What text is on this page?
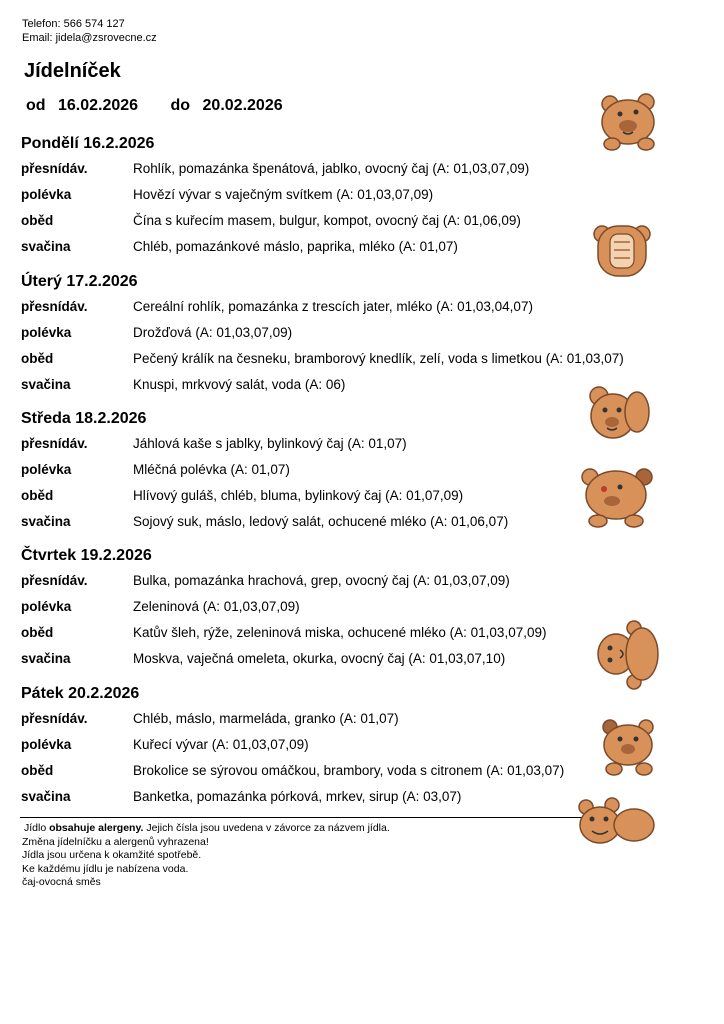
Telefon: 566 574 127
Email: jidela@zsrovecne.cz
Jídelníček
od 16.02.2026 do 20.02.2026
Pondělí 16.2.2026
přesnídáv.	Rohlík, pomazánka špenátová, jablko, ovocný čaj (A: 01,03,07,09)
polévka	Hovězí vývar s vaječným svítkem (A: 01,03,07,09)
oběd	Čína s kuřecím masem, bulgur, kompot, ovocný čaj (A: 01,06,09)
svačina	Chléb, pomazánkové máslo, paprika, mléko (A: 01,07)
Úterý 17.2.2026
přesnídáv.	Cereální rohlík, pomazánka z trescích jater, mléko (A: 01,03,04,07)
polévka	Drožďová (A: 01,03,07,09)
oběd	Pečený králík na česneku, bramborový knedlík, zelí, voda s limetkou (A: 01,03,07)
svačina	Knuspi, mrkvový salát, voda (A: 06)
Středa 18.2.2026
přesnídáv.	Jáhlová kaše s jablky, bylinkový čaj (A: 01,07)
polévka	Mléčná polévka (A: 01,07)
oběd	Hlívový guláš, chléb, bluma, bylinkový čaj (A: 01,07,09)
svačina	Sojový suk, máslo, ledový salát, ochucené mléko (A: 01,06,07)
Čtvrtek 19.2.2026
přesnídáv.	Bulka, pomazánka hrachová, grep, ovocný čaj (A: 01,03,07,09)
polévka	Zeleninová (A: 01,03,07,09)
oběd	Katův šleh, rýže, zeleninová miska, ochucené mléko (A: 01,03,07,09)
svačina	Moskva, vaječná omeleta, okurka, ovocný čaj (A: 01,03,07,10)
Pátek 20.2.2026
přesnídáv.	Chléb, máslo, marmeláda, granko (A: 01,07)
polévka	Kuřecí vývar (A: 01,03,07,09)
oběd	Brokolice se sýrovou omáčkou, brambory, voda s citronem (A: 01,03,07)
svačina	Banketka, pomazánka pórková, mrkev, sirup (A: 03,07)
Jídlo obsahuje alergeny. Jejich čísla jsou uvedena v závorce za názvem jídla.
Změna jídelníčku a alergenů vyhrazena!
Jídla jsou určena k okamžité spotřebě.
Ke každému jídlu je nabízena voda.
čaj-ovocná směs
